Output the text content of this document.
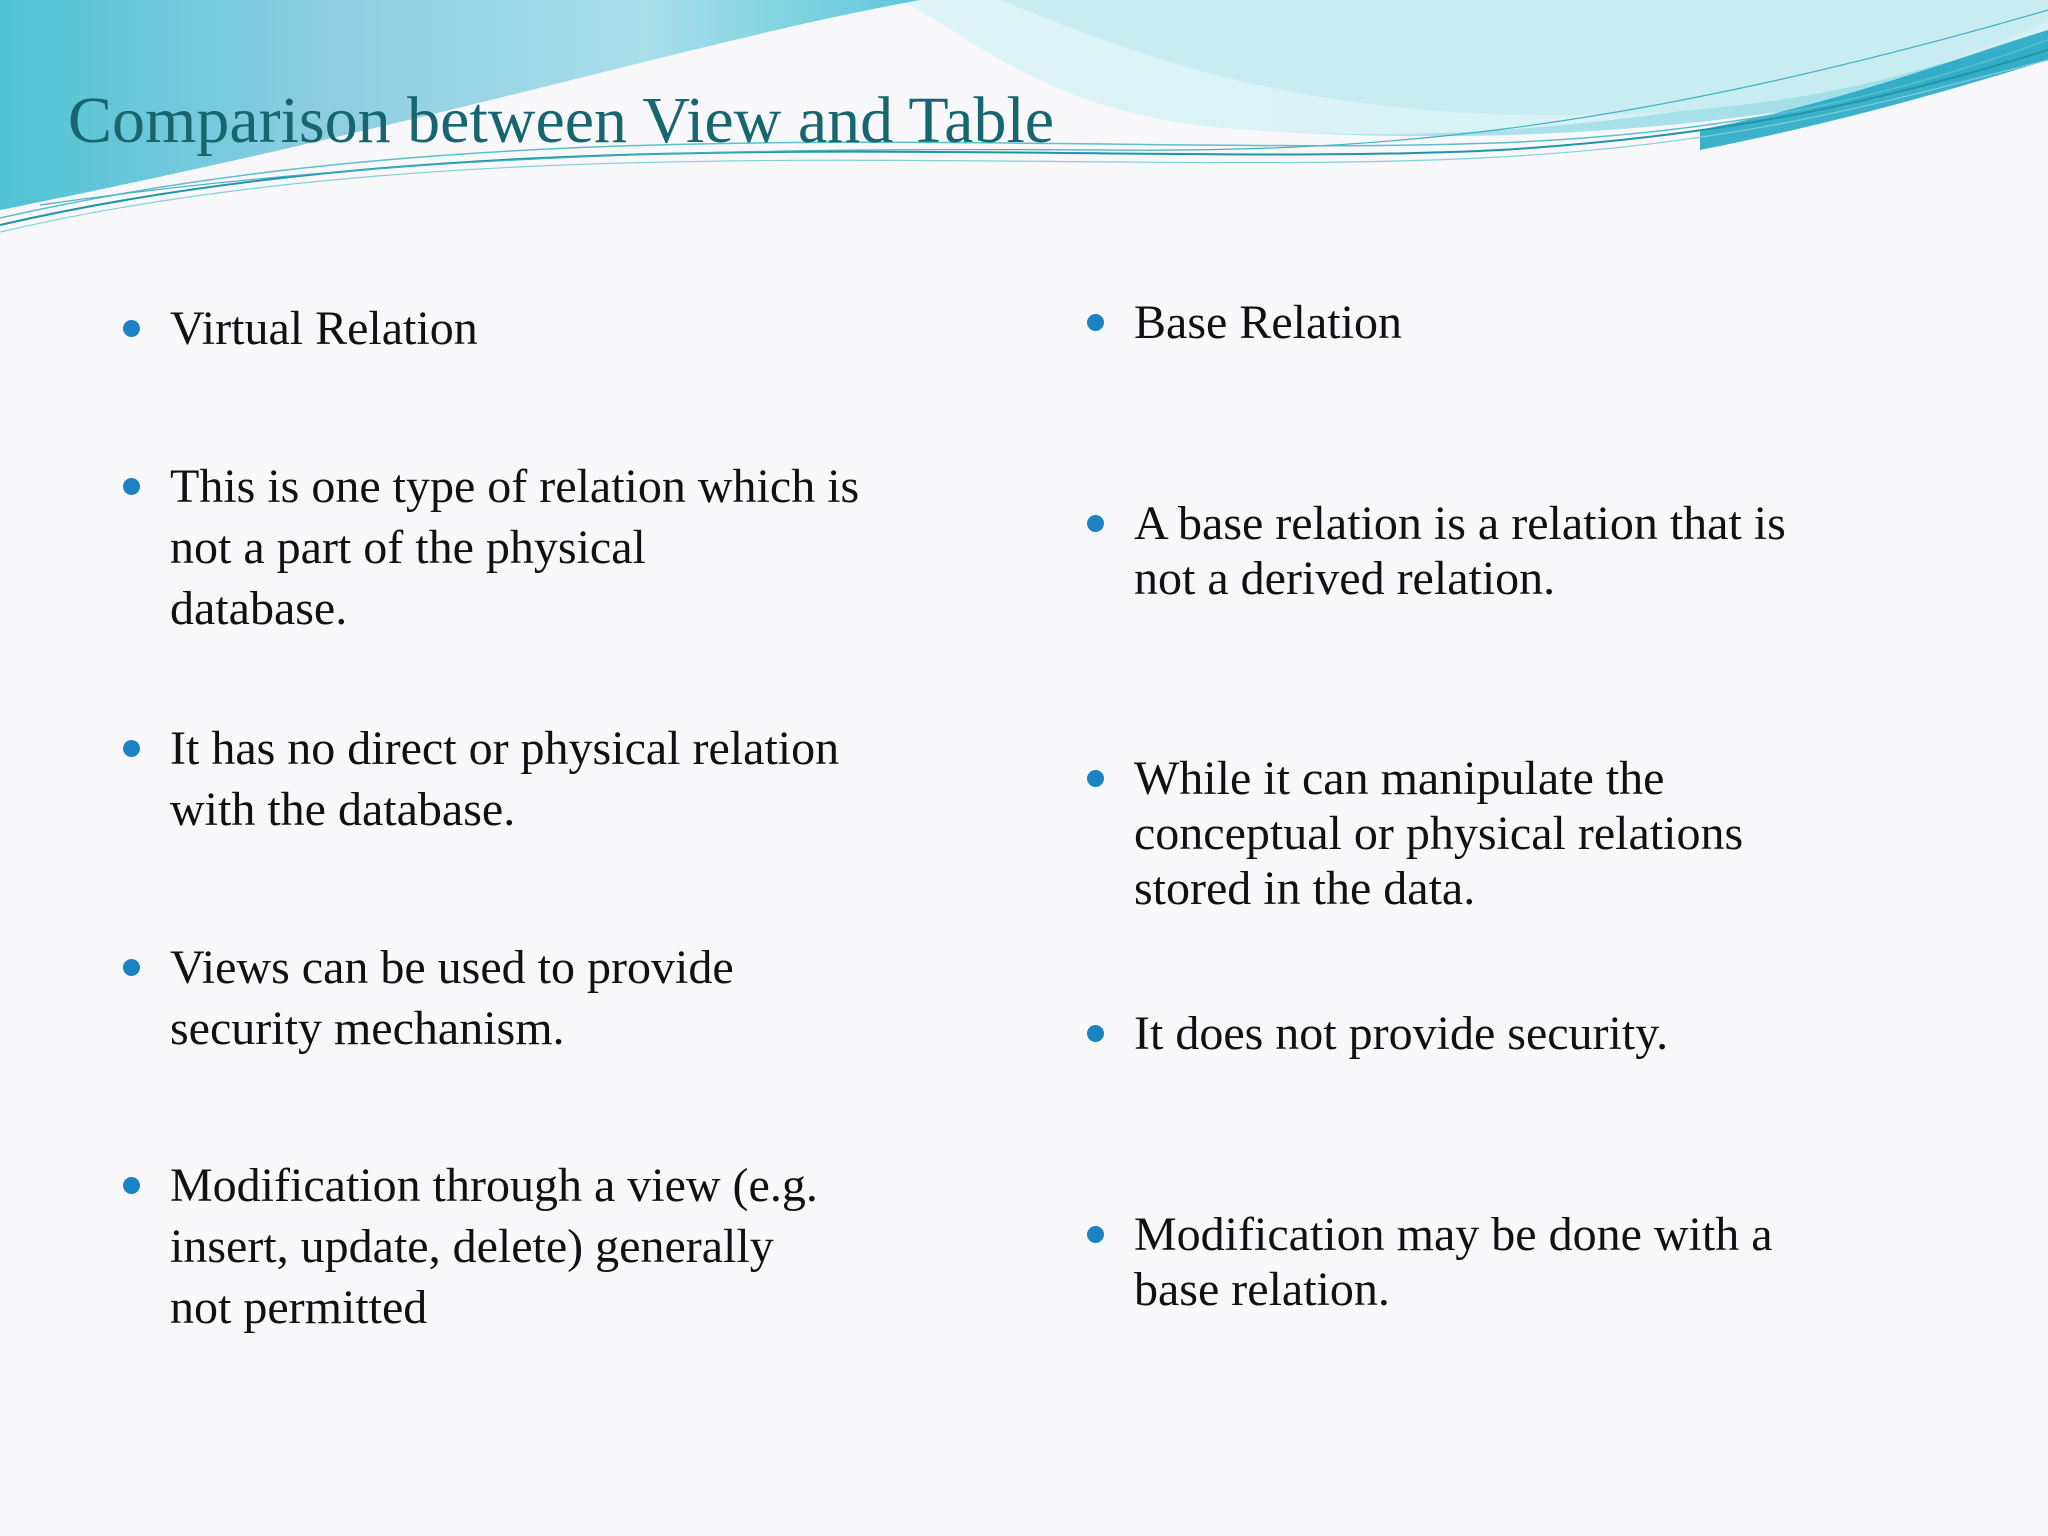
Comparison between View and Table
Virtual Relation
This is one type of relation which is
not a part of the physical
database.
It has no direct or physical relation
with the database.
Views can be used to provide
security mechanism.
Modification through a view (e.g.
insert, update, delete) generally
not permitted
Base Relation
A base relation is a relation that is
not a derived relation.
While it can manipulate the
conceptual or physical relations
stored in the data.
It does not provide security.
Modification may be done with a
base relation.
